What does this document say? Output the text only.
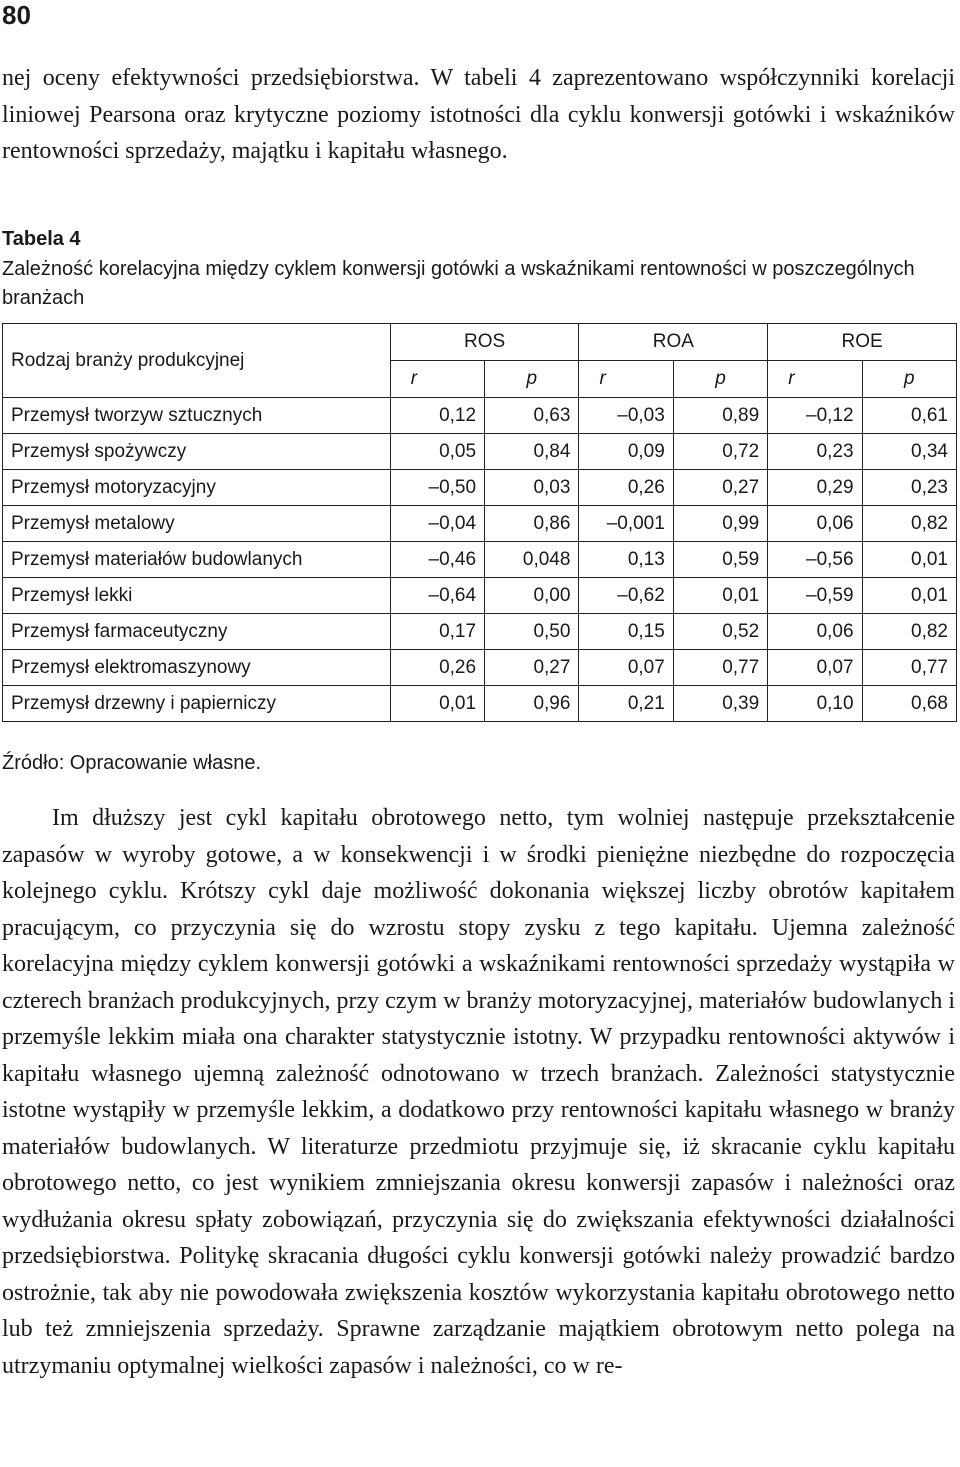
80

nej oceny efektywności przedsiębiorstwa. W tabeli 4 zaprezentowano współczynniki korelacji liniowej Pearsona oraz krytyczne poziomy istotności dla cyklu konwersji gotówki i wskaźników rentowności sprzedaży, majątku i kapitału własnego.

Tabela 4
Zależność korelacyjna między cyklem konwersji gotówki a wskaźnikami rentowności w poszczególnych branżach
Rodzaj branży produkcyjnej	ROS		ROA		ROE	
	r	p	r	p	r	p
Przemysł tworzyw sztucznych	0,12	0,63	–0,03	0,89	–0,12	0,61
Przemysł spożywczy	0,05	0,84	0,09	0,72	0,23	0,34
Przemysł motoryzacyjny	–0,50	0,03	0,26	0,27	0,29	0,23
Przemysł metalowy	–0,04	0,86	–0,001	0,99	0,06	0,82
Przemysł materiałów budowlanych	–0,46	0,048	0,13	0,59	–0,56	0,01
Przemysł lekki	–0,64	0,00	–0,62	0,01	–0,59	0,01
Przemysł farmaceutyczny	0,17	0,50	0,15	0,52	0,06	0,82
Przemysł elektromaszynowy	0,26	0,27	0,07	0,77	0,07	0,77
Przemysł drzewny i papierniczy	0,01	0,96	0,21	0,39	0,10	0,68
Źródło: Opracowanie własne.

Im dłuższy jest cykl kapitału obrotowego netto, tym wolniej następuje przekształcenie zapasów w wyroby gotowe, a w konsekwencji i w środki pieniężne niezbędne do rozpoczęcia kolejnego cyklu. Krótszy cykl daje możliwość dokonania większej liczby obrotów kapitałem pracującym, co przyczynia się do wzrostu stopy zysku z tego kapitału. Ujemna zależność korelacyjna między cyklem konwersji gotówki a wskaźnikami rentowności sprzedaży wystąpiła w czterech branżach produkcyjnych, przy czym w branży motoryzacyjnej, materiałów budowlanych i przemyśle lekkim miała ona charakter statystycznie istotny. W przypadku rentowności aktywów i kapitału własnego ujemną zależność odnotowano w trzech branżach. Zależności statystycznie istotne wystąpiły w przemyśle lekkim, a dodatkowo przy rentowności kapitału własnego w branży materiałów budowlanych. W literaturze przedmiotu przyjmuje się, iż skracanie cyklu kapitału obrotowego netto, co jest wynikiem zmniejszania okresu konwersji zapasów i należności oraz wydłużania okresu spłaty zobowiązań, przyczynia się do zwiększania efektywności działalności przedsiębiorstwa. Politykę skracania długości cyklu konwersji gotówki należy prowadzić bardzo ostrożnie, tak aby nie powodowała zwiększenia kosztów wykorzystania kapitału obrotowego netto lub też zmniejszenia sprzedaży. Sprawne zarządzanie majątkiem obrotowym netto polega na utrzymaniu optymalnej wielkości zapasów i należności, co w re-
